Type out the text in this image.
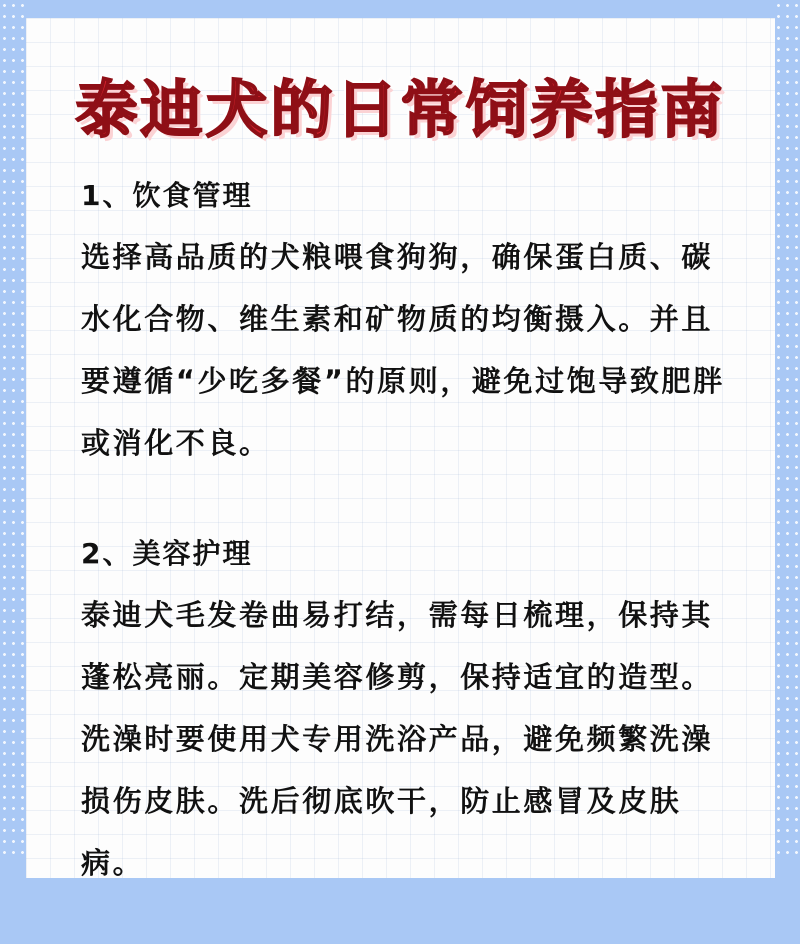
泰迪犬的日常饲养指南

1、饮食管理

选择高品质的犬粮喂食狗狗，确保蛋白质、碳水化合物、维生素和矿物质的均衡摄入。并且要遵循“少吃多餐”的原则，避免过饱导致肥胖或消化不良。

2、美容护理

泰迪犬毛发卷曲易打结，需每日梳理，保持其蓬松亮丽。定期美容修剪，保持适宜的造型。洗澡时要使用犬专用洗浴产品，避免频繁洗澡损伤皮肤。洗后彻底吹干，防止感冒及皮肤病。
